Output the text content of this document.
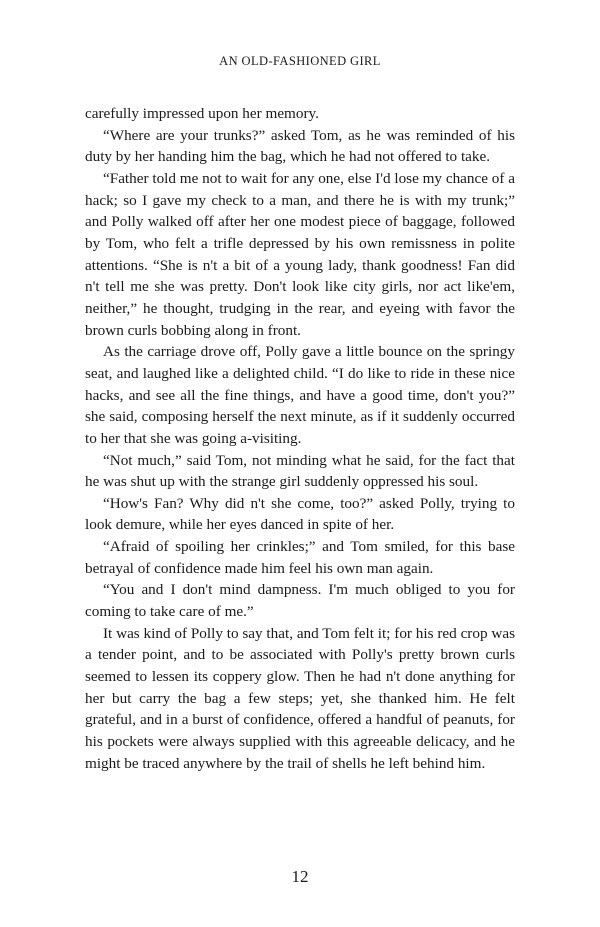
AN OLD-FASHIONED GIRL

carefully impressed upon her memory.

“Where are your trunks?” asked Tom, as he was reminded of his duty by her handing him the bag, which he had not offered to take.

“Father told me not to wait for any one, else I'd lose my chance of a hack; so I gave my check to a man, and there he is with my trunk;” and Polly walked off after her one modest piece of baggage, followed by Tom, who felt a trifle depressed by his own remissness in polite attentions. “She is n't a bit of a young lady, thank goodness! Fan did n't tell me she was pretty. Don't look like city girls, nor act like'em, neither,” he thought, trudging in the rear, and eyeing with favor the brown curls bobbing along in front.

As the carriage drove off, Polly gave a little bounce on the springy seat, and laughed like a delighted child. “I do like to ride in these nice hacks, and see all the fine things, and have a good time, don't you?” she said, composing herself the next minute, as if it suddenly occurred to her that she was going a-visiting.

“Not much,” said Tom, not minding what he said, for the fact that he was shut up with the strange girl suddenly oppressed his soul.

“How's Fan? Why did n't she come, too?” asked Polly, trying to look demure, while her eyes danced in spite of her.

“Afraid of spoiling her crinkles;” and Tom smiled, for this base betrayal of confidence made him feel his own man again.

“You and I don't mind dampness. I'm much obliged to you for coming to take care of me.”

It was kind of Polly to say that, and Tom felt it; for his red crop was a tender point, and to be associated with Polly's pretty brown curls seemed to lessen its coppery glow. Then he had n't done anything for her but carry the bag a few steps; yet, she thanked him. He felt grateful, and in a burst of confidence, offered a handful of peanuts, for his pockets were always supplied with this agreeable delicacy, and he might be traced anywhere by the trail of shells he left behind him.

12
